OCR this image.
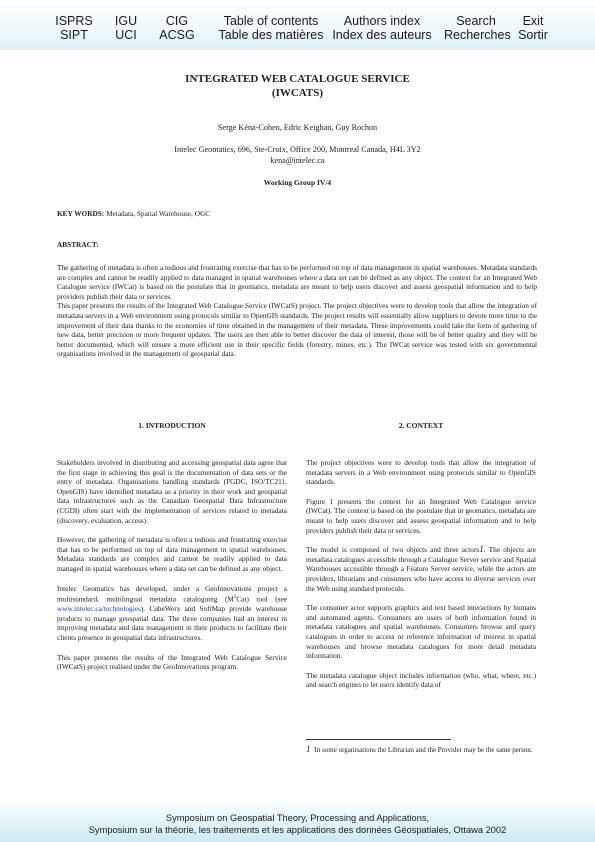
ISPRS
SIPT
IGU
UCI
CIG
ACSG
Table of contents
Table des matières
Authors index
Index des auteurs
Search
Recherches
Exit
Sortir
INTEGRATED WEB CATALOGUE SERVICE
(IWCATS)
Serge Kéna-Cohen, Edric Keighan, Guy Rochon
Intelec Geomatics, 696, Ste-Croix, Office 200, Montreal Canada, H4L 3Y2
kena@intelec.ca
Working Group IV/4
KEY WORDS: Metadata, Spatial Warehouse, OGC
ABSTRACT:
The gathering of metadata is often a tedious and frustrating exercise that has to be performed on top of data management in spatial warehouses. Metadata standards are complex and cannot be readily applied to data managed in spatial warehouses where a data set can be defined as any object. The context for an Integrated Web Catalogue service (IWCat) is based on the postulate that in geomatics, metadata are meant to help users discover and assess geospatial information and to help providers publish their data or services.
This paper presents the results of the Integrated Web Catalogue Service (IWCatS) project. The project objectives were to develop tools that allow the integration of metadata servers in a Web environment using protocols similar to OpenGIS standards. The project results will essentially allow suppliers to devote more time to the improvement of their data thanks to the economies of time obtained in the management of their metadata. These improvements could take the form of gathering of new data, better precision or more frequent updates. The users are then able to better discover the data of interest, those will be of better quality and they will be better documented, which will ensure a more efficient use in their specific fields (forestry, mines, etc.). The IWCat service was tested with six governmental organisations involved in the management of geospatial data.
1. INTRODUCTION	2. CONTEXT

Stakeholders involved in distributing and accessing geospatial data agree that the first stage in achieving this goal is the documentation of data sets or the entry of metadata. Organisations handling standards (FGDC, ISO/TC211, OpenGIS) have identified metadata as a priority in their work and geospatial data infrastructures such as the Canadian Geospatial Data Infrastructure (CGDI) often start with the implementation of services related to metadata (discovery, evaluation, access).

However, the gathering of metadata is often a tedious and frustrating exercise that has to be performed on top of data management in spatial warehouses. Metadata standards are complex and cannot be readily applied to data managed in spatial warehouses where a data set can be defined as any object.

Intelec Geomatics has developed, under a GeoInnovations project a multistandard, multilingual metadata cataloguing $(M^3Cat)$ tool (see www.intelec.ca/technologies). CubeWerx and SoftMap provide warehouse products to manage geospatial data. The three companies had an interest in improving metadata and data management in their products to facilitate their clients presence in geospatial data infrastructures.

This paper presents the results of the Integrated Web Catalogue Service (IWCatS) project realised under the GeoInnovations program.

The project objectives were to develop tools that allow the integration of metadata servers in a Web environment using protocols similar to OpenGIS standards.

Figure 1 presents the context for an Integrated Web Catalogue service (IWCat). The context is based on the postulate that in geomatics, metadata are meant to help users discover and assess geospatial information and to help providers publish their data or services.

The model is composed of two objects and three actors1. The objects are metadata catalogues accessible through a Catalogue Server service and Spatial Warehouses accessible through a Feature Server service, while the actors are providers, librarians and consumers who have access to diverse services over the Web using standard protocols.

The consumer actor supports graphics and text based interactions by humans and automated agents. Consumers are users of both information found in metadata catalogues and spatial warehouses. Consumers browse and query catalogues in order to access or reference information of interest in spatial warehouses and browse metadata catalogues for more detail metadata information.

The metadata catalogue object includes information (who, what, where, etc.) and search engines to let users identify data of

1 In some organisations the Librarian and the Provider may be the same person.
Symposium on Geospatial Theory, Processing and Applications,
Symposium sur la théorie, les traitements et les applications des données Géospatiales, Ottawa 2002
